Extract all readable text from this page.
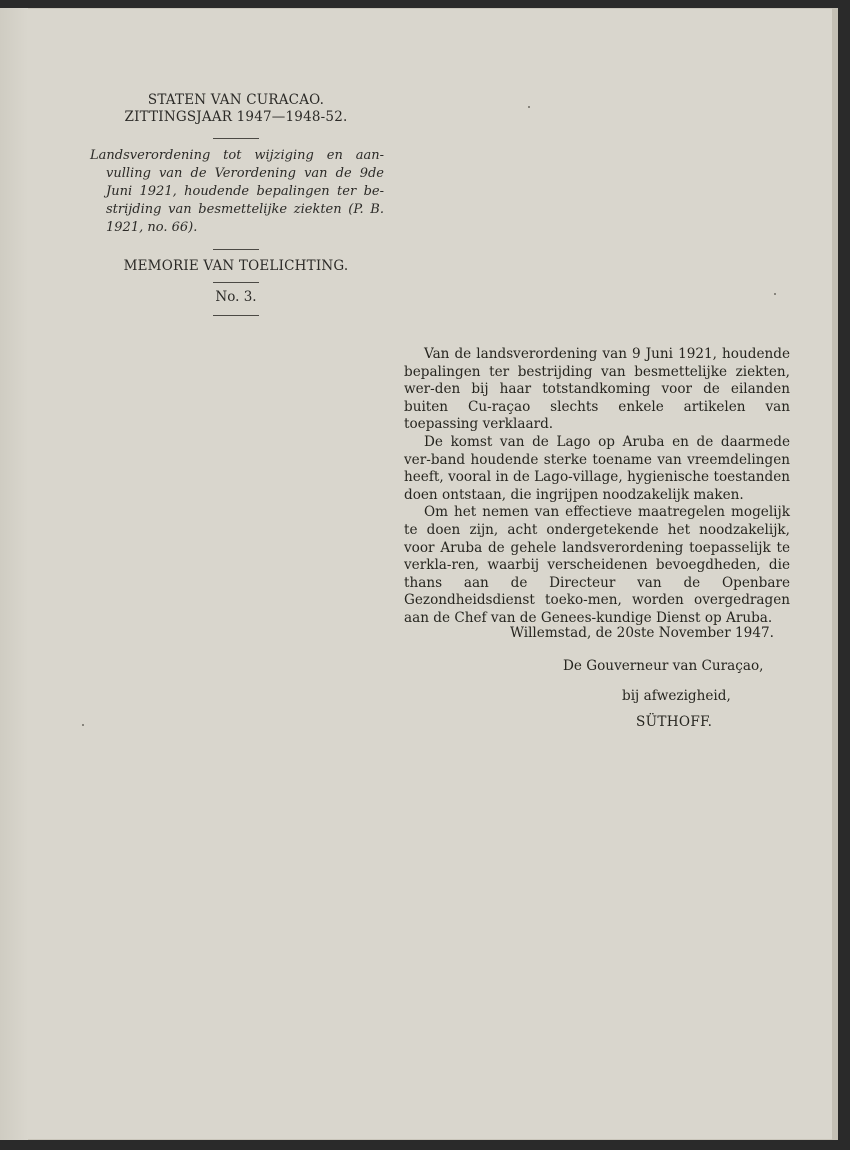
STATEN VAN CURACAO.
ZITTINGSJAAR 1947—1948-52.
Landsverordening tot wijziging en aan-vulling van de Verordening van de 9de Juni 1921, houdende bepalingen ter be-strijding van besmettelijke ziekten (P. B. 1921, no. 66).
MEMORIE VAN TOELICHTING.
No. 3.

Van de landsverordening van 9 Juni 1921, houdende bepalingen ter bestrijding van besmettelijke ziekten, wer-den bij haar totstandkoming voor de eilanden buiten Cu-raçao slechts enkele artikelen van toepassing verklaard.

De komst van de Lago op Aruba en de daarmede ver-band houdende sterke toename van vreemdelingen heeft, vooral in de Lago-village, hygienische toestanden doen ontstaan, die ingrijpen noodzakelijk maken.

Om het nemen van effectieve maatregelen mogelijk te doen zijn, acht ondergetekende het noodzakelijk, voor Aruba de gehele landsverordening toepasselijk te verkla-ren, waarbij verscheidenen bevoegdheden, die thans aan de Directeur van de Openbare Gezondheidsdienst toeko-men, worden overgedragen aan de Chef van de Genees-kundige Dienst op Aruba.

Willemstad, de 20ste November 1947.
De Gouverneur van Curaçao,
bij afwezigheid,
SÜTHOFF.
